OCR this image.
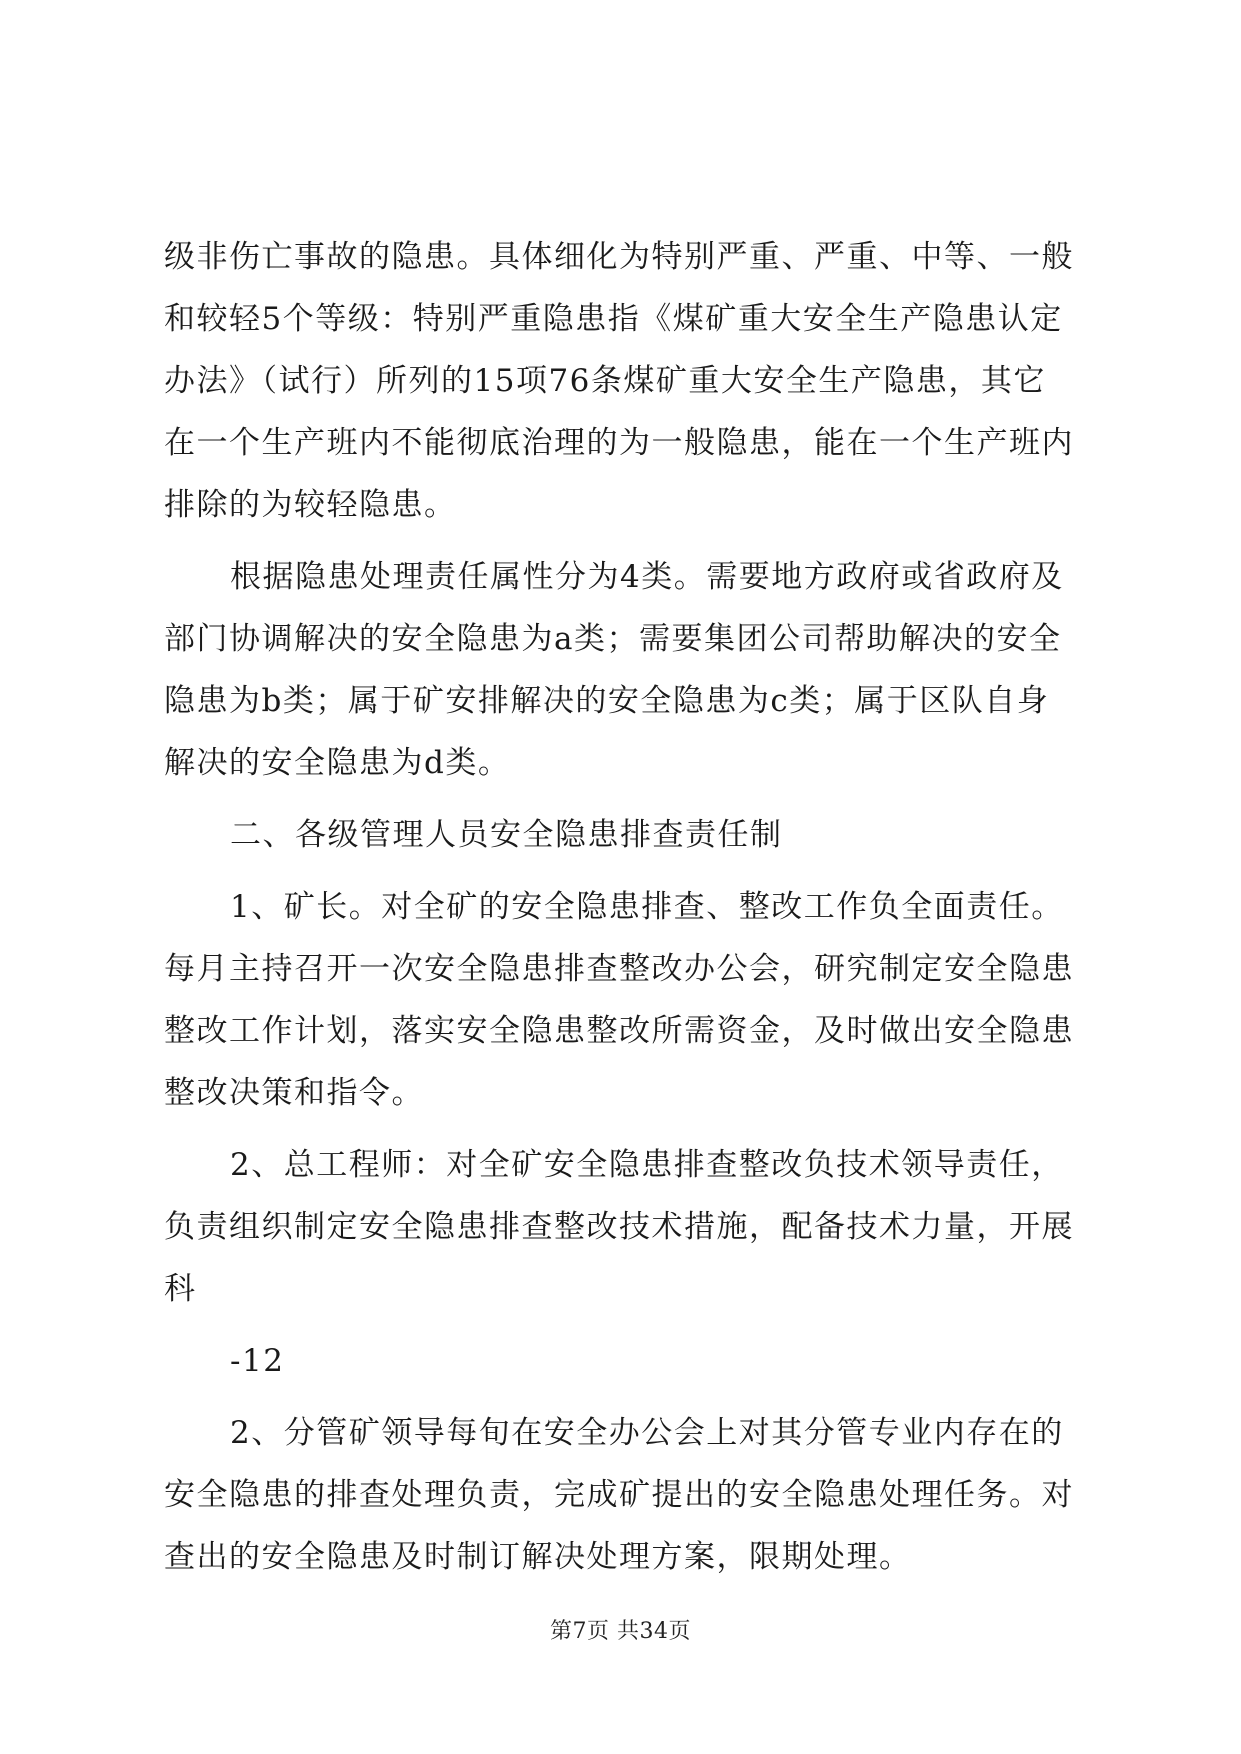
级非伤亡事故的隐患。具体细化为特别严重、严重、中等、一般
和较轻5个等级：特别严重隐患指《煤矿重大安全生产隐患认定
办法》（试行）所列的15项76条煤矿重大安全生产隐患，其它
在一个生产班内不能彻底治理的为一般隐患，能在一个生产班内
排除的为较轻隐患。
根据隐患处理责任属性分为4类。需要地方政府或省政府及
部门协调解决的安全隐患为a类；需要集团公司帮助解决的安全
隐患为b类；属于矿安排解决的安全隐患为c类；属于区队自身
解决的安全隐患为d类。
二、各级管理人员安全隐患排查责任制
1、矿长。对全矿的安全隐患排查、整改工作负全面责任。
每月主持召开一次安全隐患排查整改办公会，研究制定安全隐患
整改工作计划，落实安全隐患整改所需资金，及时做出安全隐患
整改决策和指令。
2、总工程师：对全矿安全隐患排查整改负技术领导责任，
负责组织制定安全隐患排查整改技术措施，配备技术力量，开展
科
-12
2、分管矿领导每旬在安全办公会上对其分管专业内存在的
安全隐患的排查处理负责，完成矿提出的安全隐患处理任务。对
查出的安全隐患及时制订解决处理方案，限期处理。
第7页 共34页
